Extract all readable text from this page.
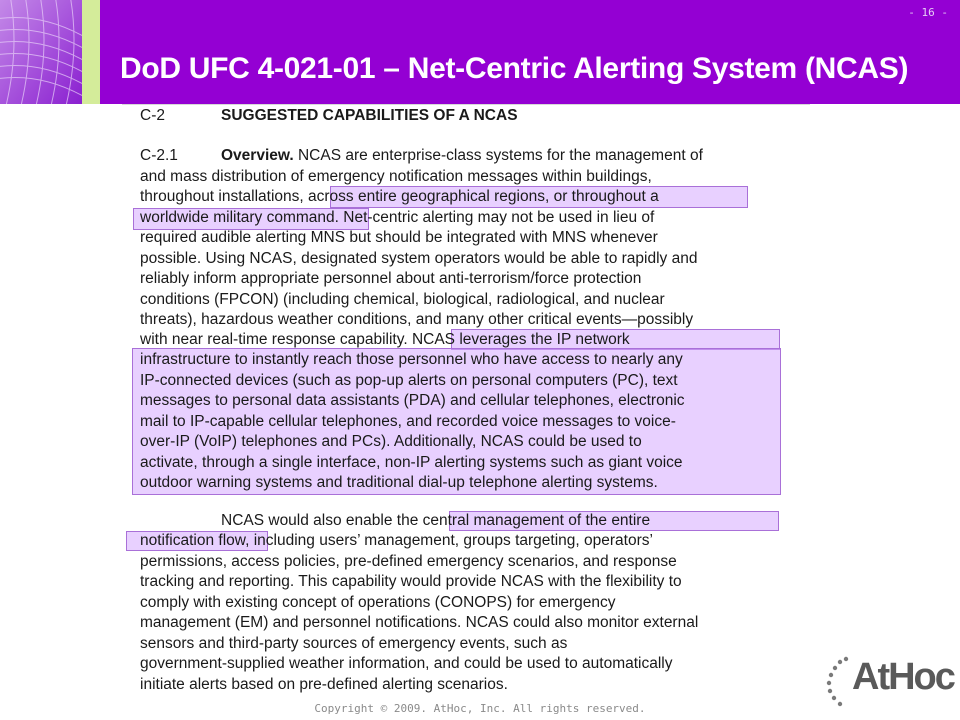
- 16 -
DoD UFC 4-021-01 – Net-Centric Alerting System (NCAS)
C-2	SUGGESTED CAPABILITIES OF A NCAS
C-2.1	Overview. NCAS are enterprise-class systems for the management of
and mass distribution of emergency notification messages within buildings,
throughout installations, across entire geographical regions, or throughout a
worldwide military command. Net-centric alerting may not be used in lieu of
required audible alerting MNS but should be integrated with MNS whenever
possible. Using NCAS, designated system operators would be able to rapidly and
reliably inform appropriate personnel about anti-terrorism/force protection
conditions (FPCON) (including chemical, biological, radiological, and nuclear
threats), hazardous weather conditions, and many other critical events—possibly
with near real-time response capability. NCAS leverages the IP network
infrastructure to instantly reach those personnel who have access to nearly any
IP-connected devices (such as pop-up alerts on personal computers (PC), text
messages to personal data assistants (PDA) and cellular telephones, electronic
mail to IP-capable cellular telephones, and recorded voice messages to voice-
over-IP (VoIP) telephones and PCs). Additionally, NCAS could be used to
activate, through a single interface, non-IP alerting systems such as giant voice
outdoor warning systems and traditional dial-up telephone alerting systems.
NCAS would also enable the central management of the entire
notification flow, including users’ management, groups targeting, operators’
permissions, access policies, pre-defined emergency scenarios, and response
tracking and reporting. This capability would provide NCAS with the flexibility to
comply with existing concept of operations (CONOPS) for emergency
management (EM) and personnel notifications. NCAS could also monitor external
sensors and third-party sources of emergency events, such as
government-supplied weather information, and could be used to automatically
initiate alerts based on pre-defined alerting scenarios.	AtHoc
Copyright © 2009. AtHoc, Inc. All rights reserved.
